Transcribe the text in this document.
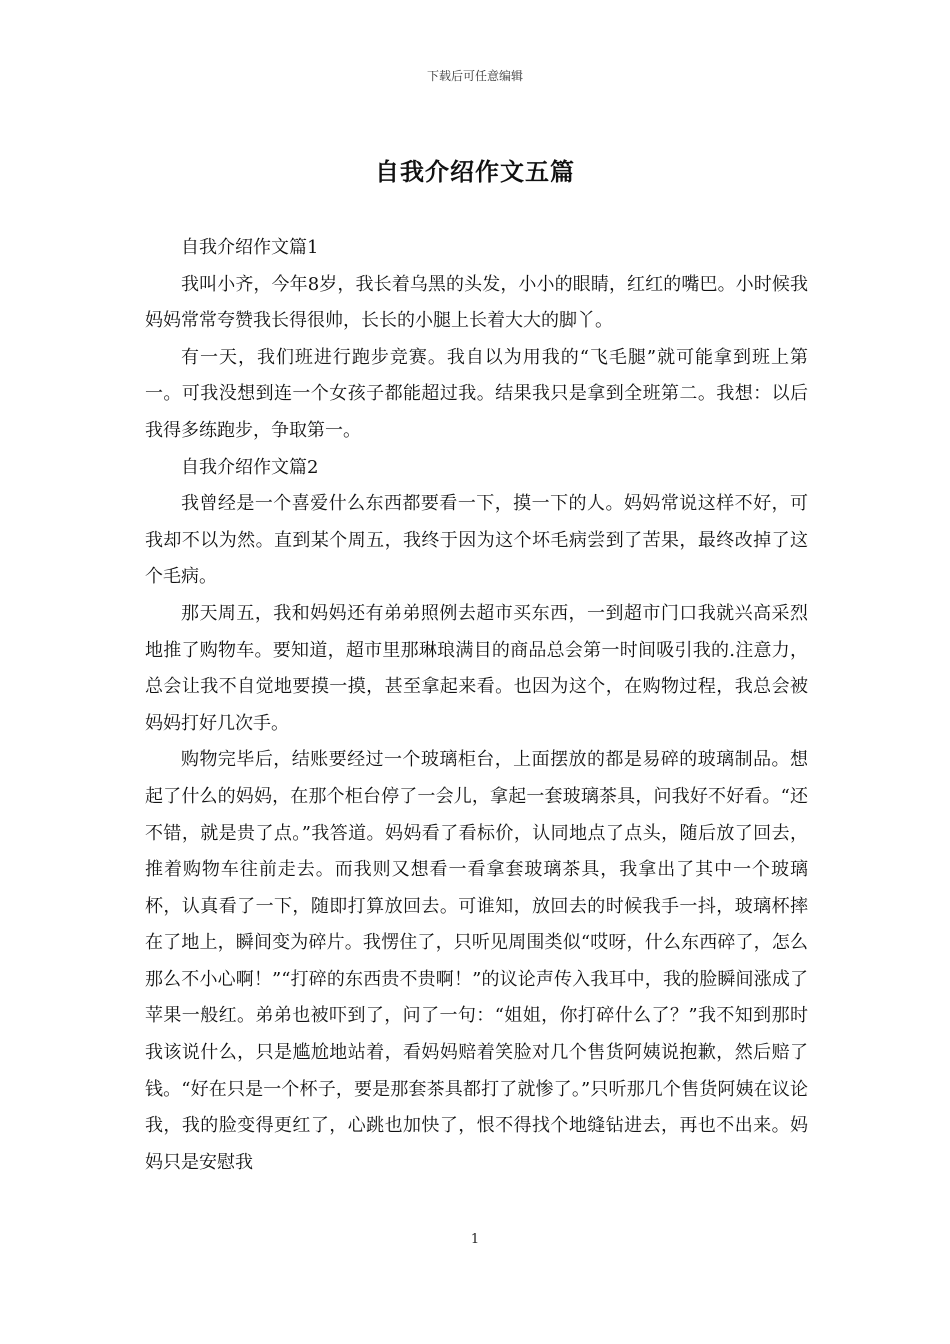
下载后可任意编辑
自我介绍作文五篇

自我介绍作文篇1

我叫小齐，今年8岁，我长着乌黑的头发，小小的眼睛，红红的嘴巴。小时候我妈妈常常夸赞我长得很帅，长长的小腿上长着大大的脚丫。

有一天，我们班进行跑步竞赛。我自以为用我的“飞毛腿”就可能拿到班上第一。可我没想到连一个女孩子都能超过我。结果我只是拿到全班第二。我想：以后我得多练跑步，争取第一。

自我介绍作文篇2

我曾经是一个喜爱什么东西都要看一下，摸一下的人。妈妈常说这样不好，可我却不以为然。直到某个周五，我终于因为这个坏毛病尝到了苦果，最终改掉了这个毛病。

那天周五，我和妈妈还有弟弟照例去超市买东西，一到超市门口我就兴高采烈地推了购物车。要知道，超市里那琳琅满目的商品总会第一时间吸引我的.注意力，总会让我不自觉地要摸一摸，甚至拿起来看。也因为这个，在购物过程，我总会被妈妈打好几次手。

购物完毕后，结账要经过一个玻璃柜台，上面摆放的都是易碎的玻璃制品。想起了什么的妈妈，在那个柜台停了一会儿，拿起一套玻璃茶具，问我好不好看。“还不错，就是贵了点。”我答道。妈妈看了看标价，认同地点了点头，随后放了回去，推着购物车往前走去。而我则又想看一看拿套玻璃茶具，我拿出了其中一个玻璃杯，认真看了一下，随即打算放回去。可谁知，放回去的时候我手一抖，玻璃杯摔在了地上，瞬间变为碎片。我愣住了，只听见周围类似“哎呀，什么东西碎了，怎么那么不小心啊！”“打碎的东西贵不贵啊！”的议论声传入我耳中，我的脸瞬间涨成了苹果一般红。弟弟也被吓到了，问了一句：“姐姐，你打碎什么了？”我不知到那时我该说什么，只是尴尬地站着，看妈妈赔着笑脸对几个售货阿姨说抱歉，然后赔了钱。“好在只是一个杯子，要是那套茶具都打了就惨了。”只听那几个售货阿姨在议论我，我的脸变得更红了，心跳也加快了，恨不得找个地缝钻进去，再也不出来。妈妈只是安慰我

1
